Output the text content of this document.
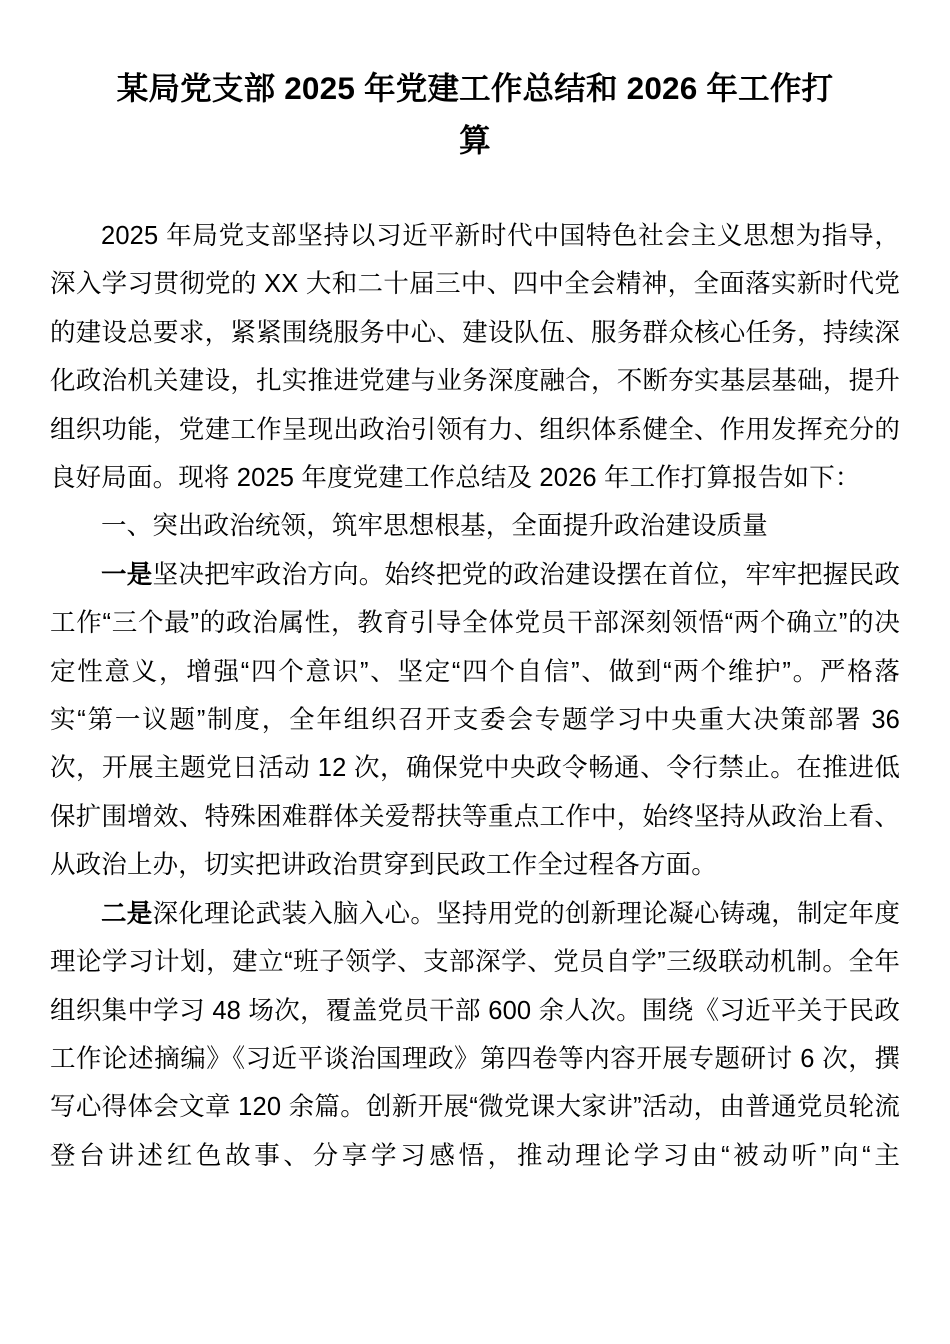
某局党支部 2025 年党建工作总结和 2026 年工作打
算

2025 年局党支部坚持以习近平新时代中国特色社会主义思想为指导，深入学习贯彻党的 XX 大和二十届三中、四中全会精神，全面落实新时代党的建设总要求，紧紧围绕服务中心、建设队伍、服务群众核心任务，持续深化政治机关建设，扎实推进党建与业务深度融合，不断夯实基层基础，提升组织功能，党建工作呈现出政治引领有力、组织体系健全、作用发挥充分的良好局面。现将 2025 年度党建工作总结及 2026 年工作打算报告如下：

一、突出政治统领，筑牢思想根基，全面提升政治建设质量

一是坚决把牢政治方向。始终把党的政治建设摆在首位，牢牢把握民政工作“三个最”的政治属性，教育引导全体党员干部深刻领悟“两个确立”的决定性意义，增强“四个意识”、坚定“四个自信”、做到“两个维护”。严格落实“第一议题”制度，全年组织召开支委会专题学习中央重大决策部署 36 次，开展主题党日活动 12 次，确保党中央政令畅通、令行禁止。在推进低保扩围增效、特殊困难群体关爱帮扶等重点工作中，始终坚持从政治上看、从政治上办，切实把讲政治贯穿到民政工作全过程各方面。

二是深化理论武装入脑入心。坚持用党的创新理论凝心铸魂，制定年度理论学习计划，建立“班子领学、支部深学、党员自学”三级联动机制。全年组织集中学习 48 场次，覆盖党员干部 600 余人次。围绕《习近平关于民政工作论述摘编》《习近平谈治国理政》第四卷等内容开展专题研讨 6 次，撰写心得体会文章 120 余篇。创新开展“微党课大家讲”活动，由普通党员轮流登台讲述红色故事、分享学习感悟，推动理论学习由“被动听”向“主
